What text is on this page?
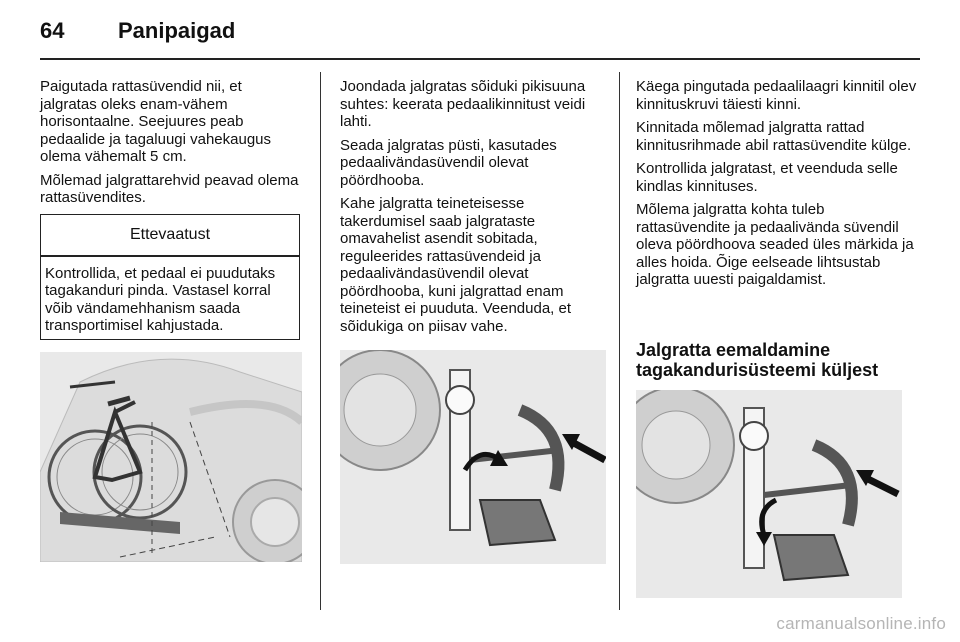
64 Panipaigad

Paigutada rattasüvendid nii, et jalgratas oleks enam-vähem horisontaalne. Seejuures peab pedaalide ja tagaluugi vahekaugus olema vähemalt 5 cm.

Mõlemad jalgrattarehvid peavad olema rattasüvendites.

Ettevaatust
Kontrollida, et pedaal ei puudutaks tagakanduri pinda. Vastasel korral võib vändamehhanism saada transportimisel kahjustada.

Joondada jalgratas sõiduki pikisuuna suhtes: keerata pedaalikinnitust veidi lahti.

Seada jalgratas püsti, kasutades pedaalivändasüvendil olevat pöördhooba.

Kahe jalgratta teineteisesse takerdumisel saab jalgrataste omavahelist asendit sobitada, reguleerides rattasüvendeid ja pedaalivändasüvendil olevat pöördhooba, kuni jalgrattad enam teineteist ei puuduta. Veenduda, et sõidukiga on piisav vahe.

Käega pingutada pedaalilaagri kinnitil olev kinnituskruvi täiesti kinni.

Kinnitada mõlemad jalgratta rattad kinnitusrihmade abil rattasüvendite külge.

Kontrollida jalgratast, et veenduda selle kindlas kinnituses.

Mõlema jalgratta kohta tuleb rattasüvendite ja pedaalivända süvendil oleva pöördhoova seaded üles märkida ja alles hoida. Õige eelseade lihtsustab jalgratta uuesti paigaldamist.

Jalgratta eemaldamine tagakandurisüsteemi küljest
carmanualsonline.info
